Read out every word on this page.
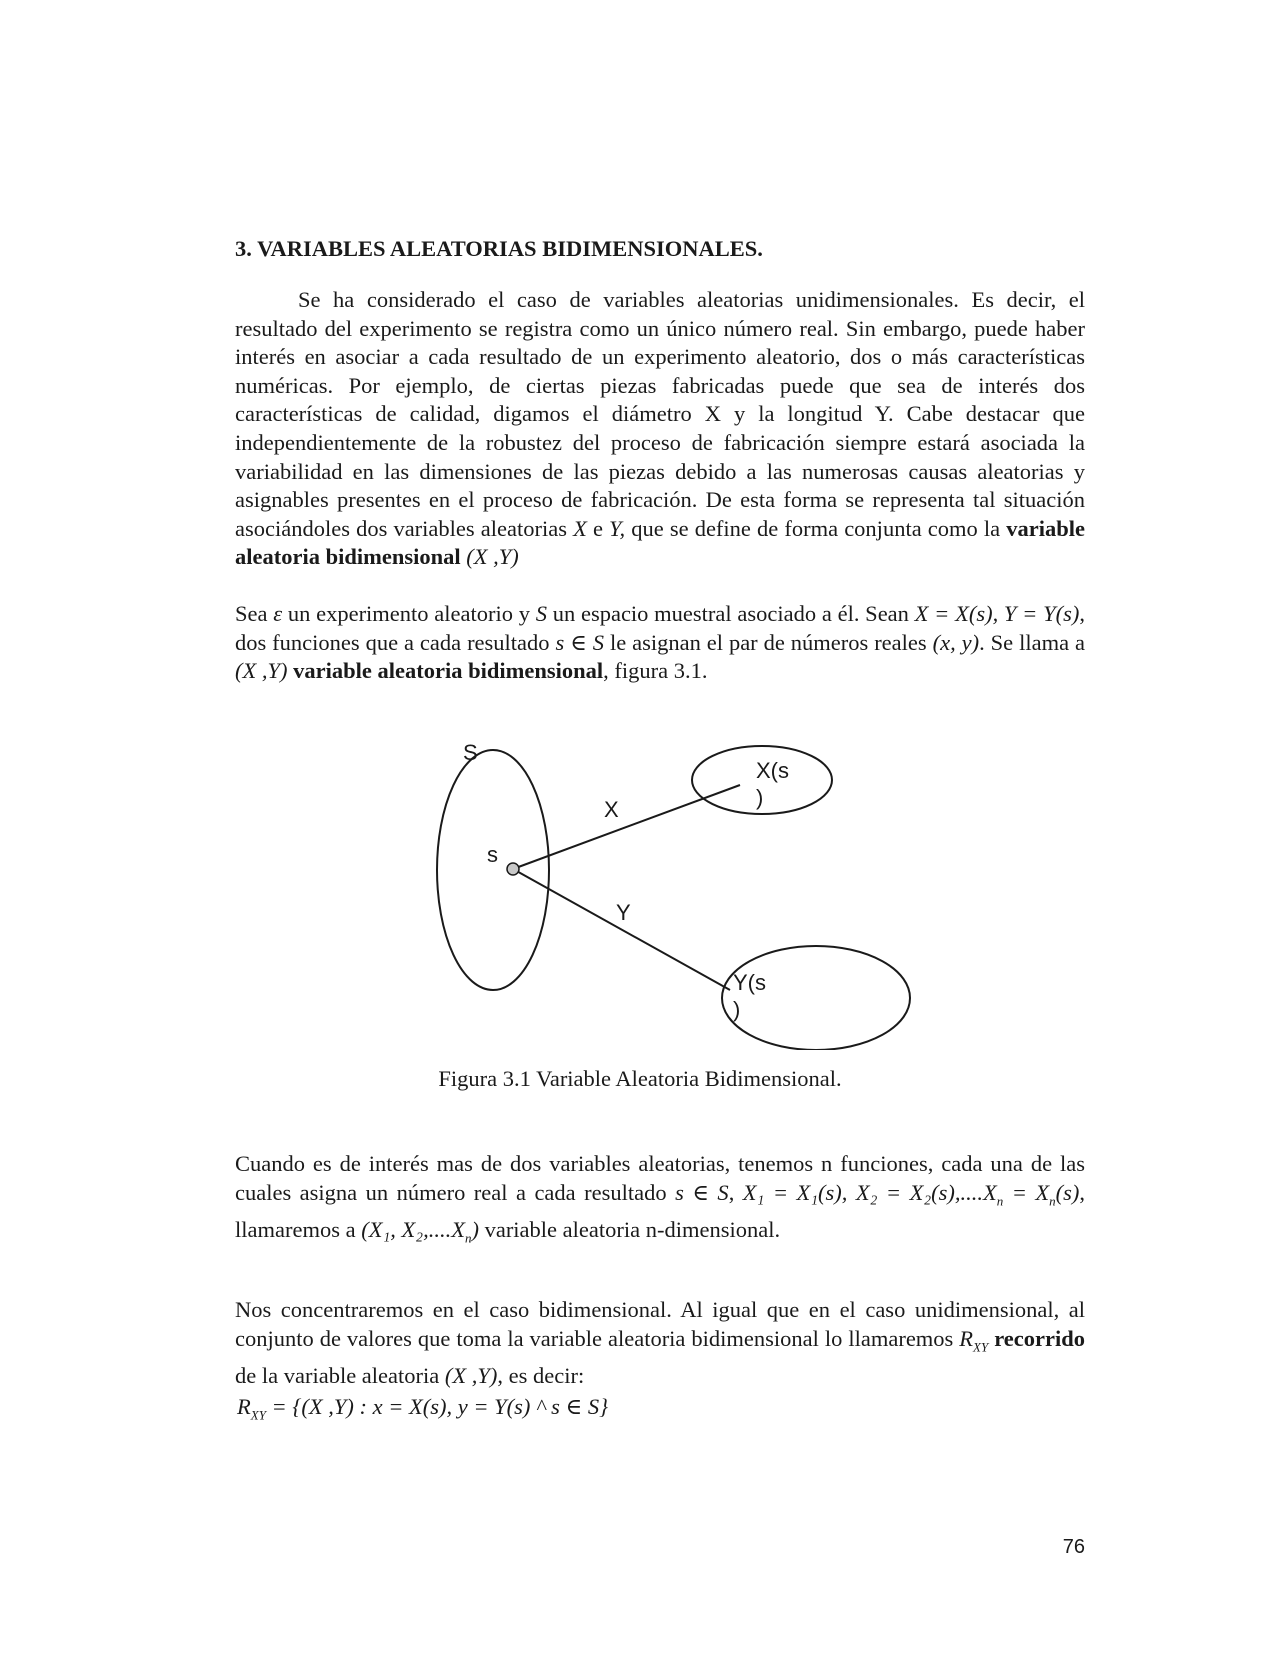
3. VARIABLES ALEATORIAS BIDIMENSIONALES.

Se ha considerado el caso de variables aleatorias unidimensionales. Es decir, el resultado del experimento se registra como un único número real. Sin embargo, puede haber interés en asociar a cada resultado de un experimento aleatorio, dos o más características numéricas. Por ejemplo, de ciertas piezas fabricadas puede que sea de interés dos características de calidad, digamos el diámetro X y la longitud Y. Cabe destacar que independientemente de la robustez del proceso de fabricación siempre estará asociada la variabilidad en las dimensiones de las piezas debido a las numerosas causas aleatorias y asignables presentes en el proceso de fabricación. De esta forma se representa tal situación asociándoles dos variables aleatorias X e Y, que se define de forma conjunta como la variable aleatoria bidimensional (X ,Y)

Sea ε un experimento aleatorio y S un espacio muestral asociado a él. Sean X = X(s), Y = Y(s), dos funciones que a cada resultado s ∈ S le asignan el par de números reales (x, y). Se llama a (X ,Y) variable aleatoria bidimensional, figura 3.1.

S
s
X
Y
X(s
)
Y(s
)
Figura 3.1 Variable Aleatoria Bidimensional.

Cuando es de interés mas de dos variables aleatorias, tenemos n funciones, cada una de las cuales asigna un número real a cada resultado s ∈ S, X₁ = X₁(s), $X_2 = X_2(s),....X_n = X_n(s)$, llamaremos a (X₁, $X_2,....X_n$) variable aleatoria n-dimensional.

Nos concentraremos en el caso bidimensional. Al igual que en el caso unidimensional, al conjunto de valores que toma la variable aleatoria bidimensional lo llamaremos $R_{XY}$ recorrido de la variable aleatoria (X ,Y), es decir:

$R_{XY} = \{(X$ ,Y) : x = X(s), y = Y(s) ^ s ∈ S}
76
